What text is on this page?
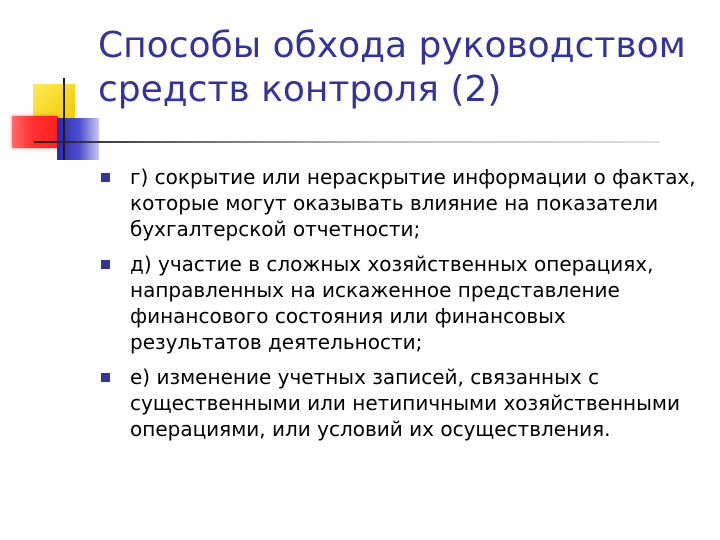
Способы обхода руководством средств контроля (2)
г) сокрытие или нераскрытие информации о фактах, которые могут оказывать влияние на показатели бухгалтерской отчетности;
д) участие в сложных хозяйственных операциях, направленных на искаженное представление финансового состояния или финансовых результатов деятельности;
е) изменение учетных записей, связанных с существенными или нетипичными хозяйственными операциями, или условий их осуществления.
